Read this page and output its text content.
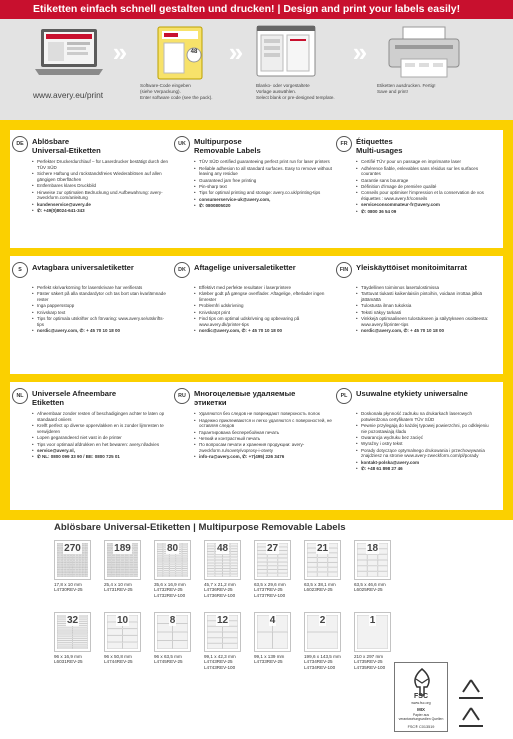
Etiketten einfach schnell gestalten und drucken! | Design and print your labels easily!
www.avery.eu/print
»	48
Software-Code eingeben
(siehe Verpackung).
Enter software code (see the pack).
»
Blanko- oder vorgestaltete
Vorlage auswählen.
Select blank or pre-designed template.
»
Etiketten ausdrucken. Fertig!
Save and print!
DE	Ablösbare
Universal-Etiketten
• Perfekter Druckerdurchlauf – für Laserdrucker bestätigt durch den TÜV SÜD
• Sichere Haftung und rückstandsfreies Wiederablösen auf allen gängigen Oberflächen
• Entfernbares klares Druckbild
• Hinweise zur optimalen Bedruckung und Aufbewahrung: avery-zweckform.com/anleitung
• kundenservice@avery.de
• ✆: +49(0)8024-641-343
UK	Multipurpose
Removable Labels
• TÜV SÜD certified guaranteeing perfect print run for laser printers
• Reliable adhesion to all standard surfaces. Easy to remove without leaving any residue
• Guaranteed jam free printing
• Pin-sharp text
• Tips for optimal printing and storage: avery.co.uk/printing-tips
• consumerservice-uk@avery.com,
• ✆: 0800805020
FR	Étiquettes
Multi-usages
• Certifié TÜV pour un passage en imprimante laser
• Adhérence fiable, enlevables sans résidus sur les surfaces courantes
• Garantie sans bourrage
• Définition d'image de première qualité
• Conseils pour optimiser l'impression et la conservation de vos étiquettes : www.avery.fr/conseils
• serviceconsommateur-fr@avery.com
• ✆: 0800 36 54 09
S	Avtagbara universaletiketter
• Perfekt skrivarkörning för laserskrivare har verifierats
• Fäster säkert på alla standardytor och tas bort utan kvarlämnade rester
• Inga pappersstopp
• Knivskarp text
• Tips för optimala utskrifter och förvaring: www.avery.se/utskrifts-tips
• nordic@avery.com, ✆: + 45 70 10 18 00
DK	Aftagelige universaletiketter
• Effektivt med perfekte resultater i laserprintere
• Klæber godt på gængse overflader. Aftagelige, efterlader ingen limrester
• Problemfri udskrivning
• Knivskarpt print
• Find tips om optimal udskrivning og opbevaring på www.avery.dk/printer-tips
• nordic@avery.com, ✆: + 45 70 10 18 00
FIN	Yleiskäyttöiset monitoimitarrat
• Täydellinen toiminnos lasertulostimissa
• Tarttuvat tiukasti kaikenlaisiin pintoihin, voidaan irrottaa jälkiä jättämättä
• Tulostusta ilman tukoksia
• Teksti näkyy tarkasti
• Vinkkejä optimaaliseen tulostukseen ja säilytykseen osoitteesta: www.avery.fi/printer-tips
• nordic@avery.com, ✆: + 45 70 10 18 00
NL	Universele Afneembare
Etiketten
• Afneembaar zonder resten of beschadigingen achter te laten op standaard oniiers
• Krelft perfect op diverse oppervlakken en is zonder lijmresten te verwijderen
• Lopen gegarandeerd niet vast in de printer
• Tips voor optimaal afdrukken en het bewaren: avery.nl/advies
• service@avery.nl,
• ✆ NL: 0800 099 33 90 / BE: 0800 725 01
RU	Многоцелевые удаляемые
этикетки
• Удаляются без следов не повреждают поверхность полок
• Надежно приклеиваются и легко удаляются с поверхностей, не оставляя следов
• Гарантирована бесперебойная печать
• Четкий и контрастный печать
• По вопросам печати и хранения продукции: avery-zweckform.ru/sovety/voprosy-i-otvety
• info-ru@avery.com, ✆: +7(495) 226 3476
PL	Usuwalne etykiety uniwersalne
• Doskonała płynność zadruku na drukarkach laserowych potwierdzona certyfikatem TÜV SÜD
• Pewnie przylegają do każdej typowej powierzchni, po odklejeniu nie pozostawiają śladu
• Gwarancja wydruku bez zacięć
• Wyraźny i ostry tekst
• Porady dotyczące optymalnego drukowania i przechowywania znajdziesz na stronie www.avery-zweckform.com/pl/porady
• kontakt-polska@avery.com
• ✆: +48 61 898 27 46
Ablösbare Universal-Etiketten | Multipurpose Removable Labels
270
17,8 x 10 mm
L4730REV-25
189
25,4 x 10 mm
L4731REV-25
80
35,6 x 16,9 mm
L4732REV-25
L4732REV-100
48
45,7 x 21,2 mm
L4736REV-25
L4736REV-100
27
63,5 x 29,6 mm
L4737REV-25
L4737REV-100
21
63,5 x 38,1 mm
L6023REV-25
18
63,5 x 46,6 mm
L6025REV-25
32
96 x 16,9 mm
L6031REV-25
10
96 x 50,8 mm
L4744REV-25
8
96 x 63,5 mm
L4745REV-25
12
99,1 x 42,3 mm
L4743REV-25
L4743REV-100
4
99,1 x 139 mm
L4733REV-25
2
199,6 x 143,5 mm
L4734REV-25
L4734REV-100
1
210 x 297 mm
L4735REV-25
L4735REV-100
FSC
www.fsc.org
MIX
Papier aus verantwortungsvollen Quellen
FSC® C013519
